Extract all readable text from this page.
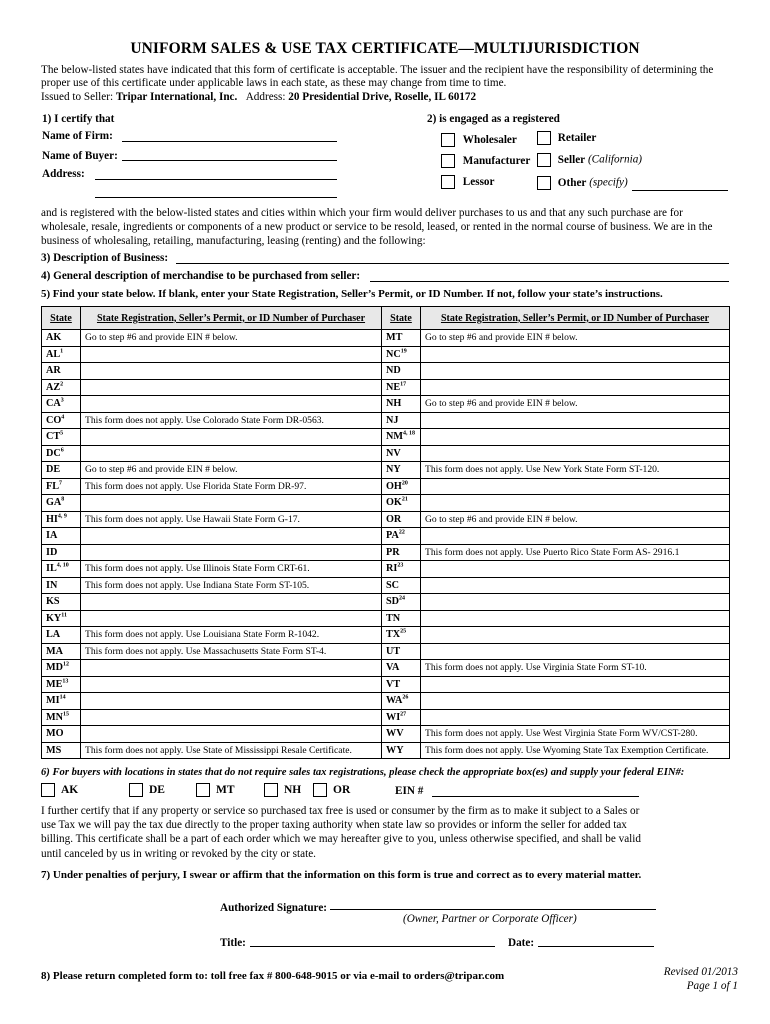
UNIFORM SALES & USE TAX CERTIFICATE—MULTIJURISDICTION
The below-listed states have indicated that this form of certificate is acceptable. The issuer and the recipient have the responsibility of determining the proper use of this certificate under applicable laws in each state, as these may change from time to time.
Issued to Seller: Tripar International, Inc. Address: 20 Presidential Drive, Roselle, IL 60172
1) I certify that
Name of Firm:
Name of Buyer:
Address:
2) is engaged as a registered
Wholesaler	Retailer
Manufacturer	Seller (California)
Lessor	Other (specify)
and is registered with the below-listed states and cities within which your firm would deliver purchases to us and that any such purchase are for wholesale, resale, ingredients or components of a new product or service to be resold, leased, or rented in the normal course of business. We are in the business of wholesaling, retailing, manufacturing, leasing (renting) and the following:
3) Description of Business:
4) General description of merchandise to be purchased from seller:
5) Find your state below. If blank, enter your State Registration, Seller’s Permit, or ID Number. If not, follow your state’s instructions.
State	State Registration, Seller’s Permit, or ID Number of Purchaser	State	State Registration, Seller’s Permit, or ID Number of Purchaser
AK	Go to step #6 and provide EIN # below.	MT	Go to step #6 and provide EIN # below.
$AL^1$		NC$^{19}$	
AR		ND	
$AZ^2$		NE$^{17}$	
$CA^3$		NH	Go to step #6 and provide EIN # below.
$CO^4$	This form does not apply. Use Colorado State Form DR-0563.	NJ	
$CT^5$		NM$^{4, 18}$	
$DC^6$		NV	
DE	Go to step #6 and provide EIN # below.	NY	This form does not apply. Use New York State Form ST-120.
$FL^7$	This form does not apply. Use Florida State Form DR-97.	OH$^{20}$	
$GA^8$		OK$^{21}$	
HI$^{4, 9}$	This form does not apply. Use Hawaii State Form G-17.	OR	Go to step #6 and provide EIN # below.
IA		PA$^{22}$	
ID		PR	This form does not apply. Use Puerto Rico State Form AS- 2916.1
IL$^{4, 10}$	This form does not apply. Use Illinois State Form CRT-61.	RI$^{23}$	
IN	This form does not apply. Use Indiana State Form ST-105.	SC	
KS		SD$^{24}$	
KY$^{11}$		TN	
LA	This form does not apply. Use Louisiana State Form R-1042.	TX$^{25}$	
MA	This form does not apply. Use Massachusetts State Form ST-4.	UT	
MD$^{12}$		VA	This form does not apply. Use Virginia State Form ST-10.
ME$^{13}$		VT	
MI$^{14}$		WA$^{26}$	
MN$^{15}$		WI$^{27}$	
MO		WV	This form does not apply. Use West Virginia State Form WV/CST-280.
MS	This form does not apply. Use State of Mississippi Resale Certificate.	WY	This form does not apply. Use Wyoming State Tax Exemption Certificate.
6) For buyers with locations in states that do not require sales tax registrations, please check the appropriate box(es) and supply your federal EIN#:
AK	DE	MT	NH	OR	EIN #
I further certify that if any property or service so purchased tax free is used or consumer by the firm as to make it subject to a Sales or use Tax we will pay the tax due directly to the proper taxing authority when state law so provides or inform the seller for added tax billing. This certificate shall be a part of each order which we may hereafter give to you, unless otherwise specified, and shall be valid until canceled by us in writing or revoked by the city or state.
7) Under penalties of perjury, I swear or affirm that the information on this form is true and correct as to every material matter.
Authorized Signature:
(Owner, Partner or Corporate Officer)
Title:	Date:
8) Please return completed form to: toll free fax # 800-648-9015 or via e-mail to orders@tripar.com	Revised 01/2013
Page 1 of 1
